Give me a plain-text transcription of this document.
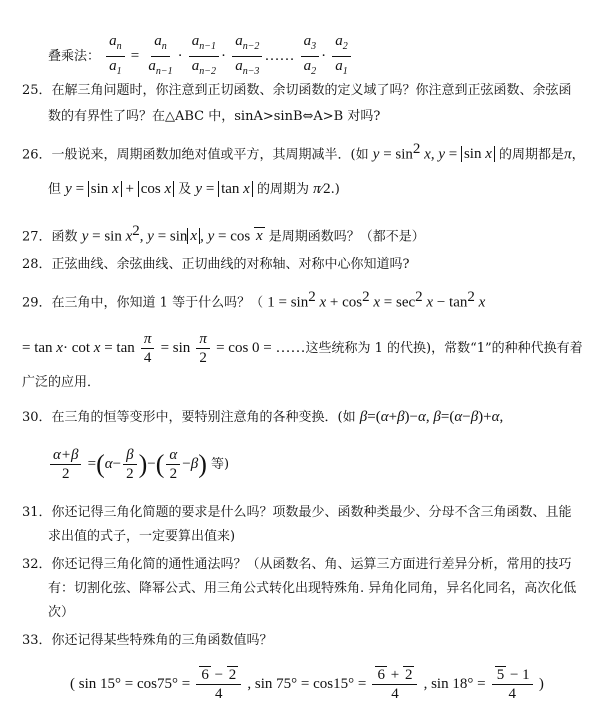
叠乘法： $\frac{a_n}{a_1} = \frac{a_n}{a_{n-1}} \cdot \frac{a_{n-1}}{a_{n-2}} \cdot \frac{a_{n-2}}{a_{n-3}}$ …… $\frac{a_3}{a_2} \cdot \frac{a_2}{a_1}$
25．在解三角问题时，你注意到正切函数、余切函数的定义域了吗？你注意到正弦函数、余弦函
数的有界性了吗？在△ABC 中，sinA>sinB⇔A>B 对吗?
26．一般说来，周期函数加绝对值或平方，其周期减半．(如 $y = \sin^2 x$, y = sin x 的周期都是π，
但 y = sin x + cos x 及 y = tan x 的周期为 π⁄2.)
27．函数 $y = \sin x^2$, y = sin x , y = cos x 是周期函数吗？（都不是）
28．正弦曲线、余弦曲线、正切曲线的对称轴、对称中心你知道吗?
29．在三角中，你知道 1 等于什么吗？（ $1 = \sin^2 x + \cos^2 x = \sec^2 x - \tan^2 x$
= $\tan x\cdot \cot x = \tan \frac{\pi}{4} = \sin \frac{\pi}{2} = \cos 0$ = ……这些统称为 1 的代换)，常数“1”的种种代换有着
广泛的应用．
30．在三角的恒等变形中，要特别注意角的各种变换．(如 β=(α+β)−α, β=(α−β)+α,
$\frac{\alpha+\beta}{2} =(\alpha- \frac{\beta}{2}$ )−( $\frac{\alpha}{2} -\beta$) 等)
31．你还记得三角化简题的要求是什么吗？项数最少、函数种类最少、分母不含三角函数、且能
求出值的式子，一定要算出值来)
32．你还记得三角化简的通性通法吗？（从函数名、角、运算三方面进行差异分析，常用的技巧
有：切割化弦、降幂公式、用三角公式转化出现特殊角. 异角化同角，异名化同名，高次化低
次）
33．你还记得某些特殊角的三角函数值吗？
( $\sin 15^\circ = \cos 75^\circ = \frac{6 - 2}{4}$ , $\sin 75^\circ = \cos 15^\circ = \frac{6 + 2}{4}$ , $\sin 18^\circ = \frac{5 - 1}{4}$ )
